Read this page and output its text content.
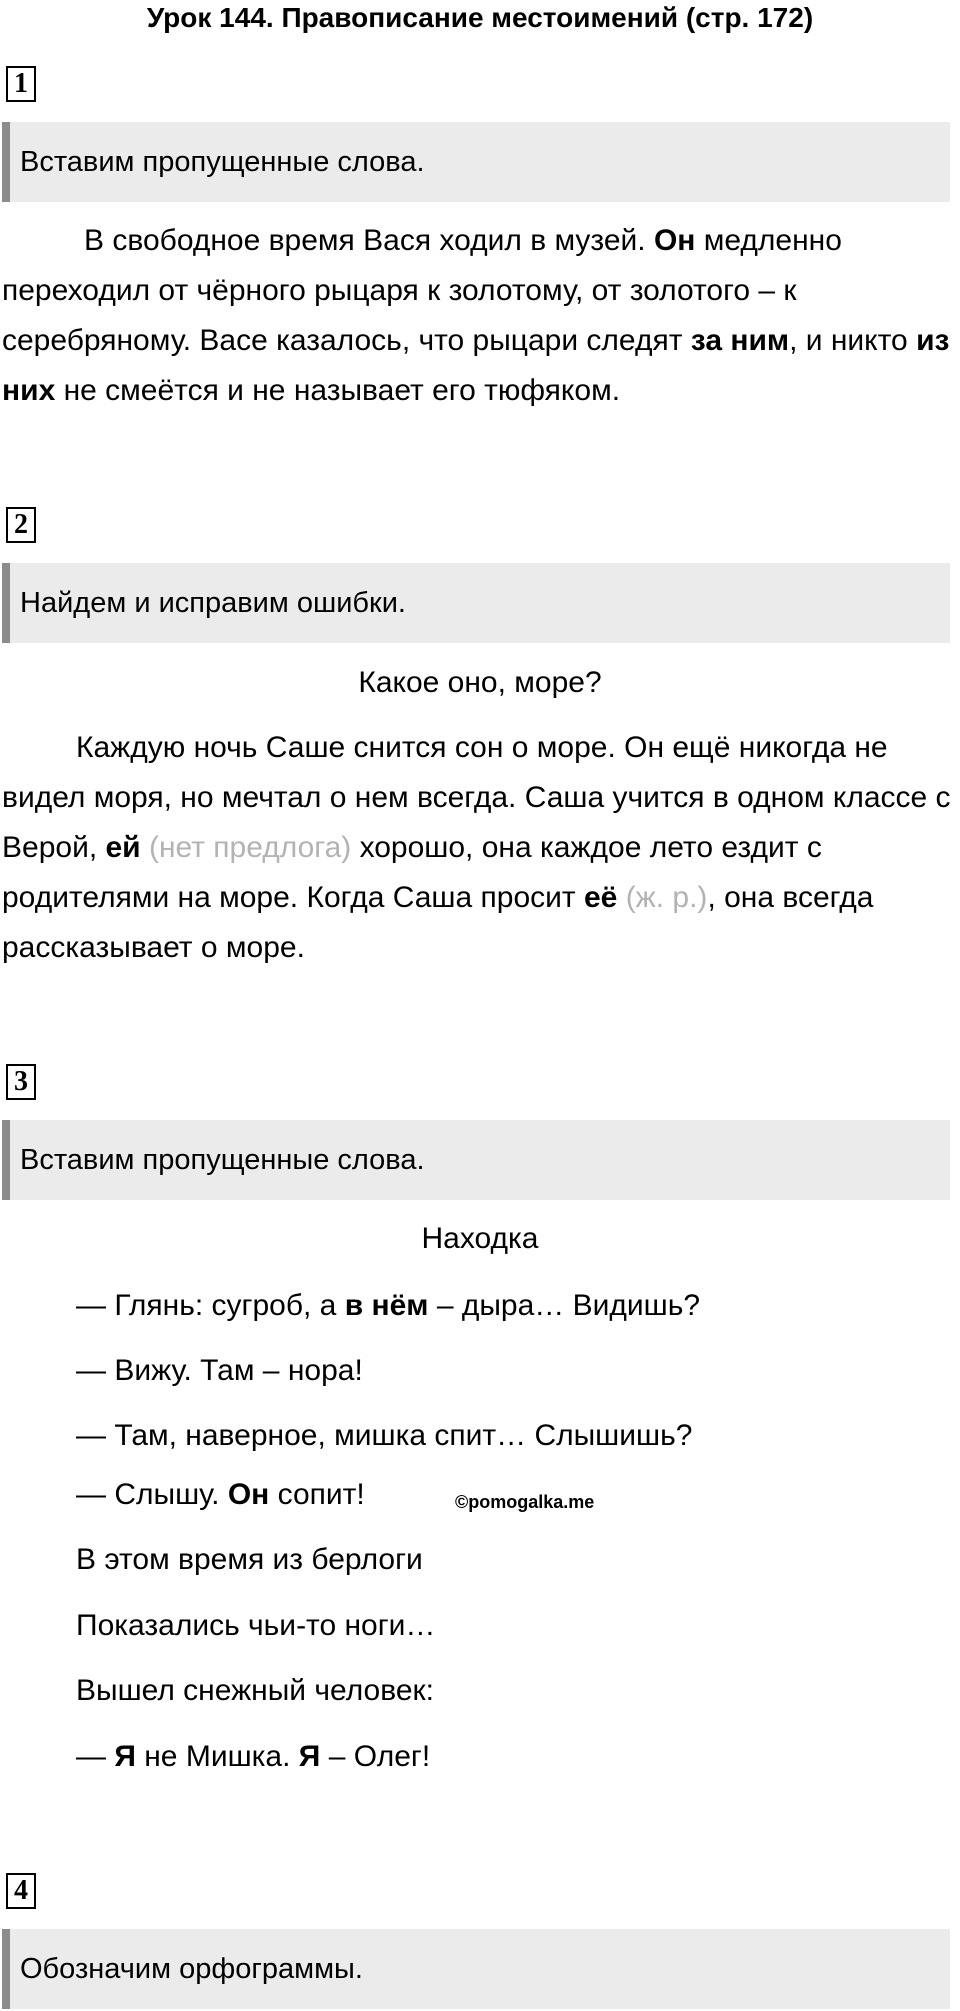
Урок 144. Правописание местоимений (стр. 172)
1
Вставим пропущенные слова.

В свободное время Вася ходил в музей. Он медленно переходил от чёрного рыцаря к золотому, от золотого – к серебряному. Васе казалось, что рыцари следят за ним, и никто из них не смеётся и не называет его тюфяком.

2
Найдем и исправим ошибки.
Какое оно, море?

Каждую ночь Саше снится сон о море. Он ещё никогда не видел моря, но мечтал о нем всегда. Саша учится в одном классе с Верой, ей (нет предлога) хорошо, она каждое лето ездит с родителями на море. Когда Саша просит её (ж. р.), она всегда рассказывает о море.

3
Вставим пропущенные слова.
Находка
— Глянь: сугроб, а в нём – дыра… Видишь?
— Вижу. Там – нора!
— Там, наверное, мишка спит… Слышишь?
— Слышу. Он сопит!
В этом время из берлоги
Показались чьи-то ноги…
Вышел снежный человек:
— Я не Мишка. Я – Олег!
©pomogalka.me
4
Обозначим орфограммы.
